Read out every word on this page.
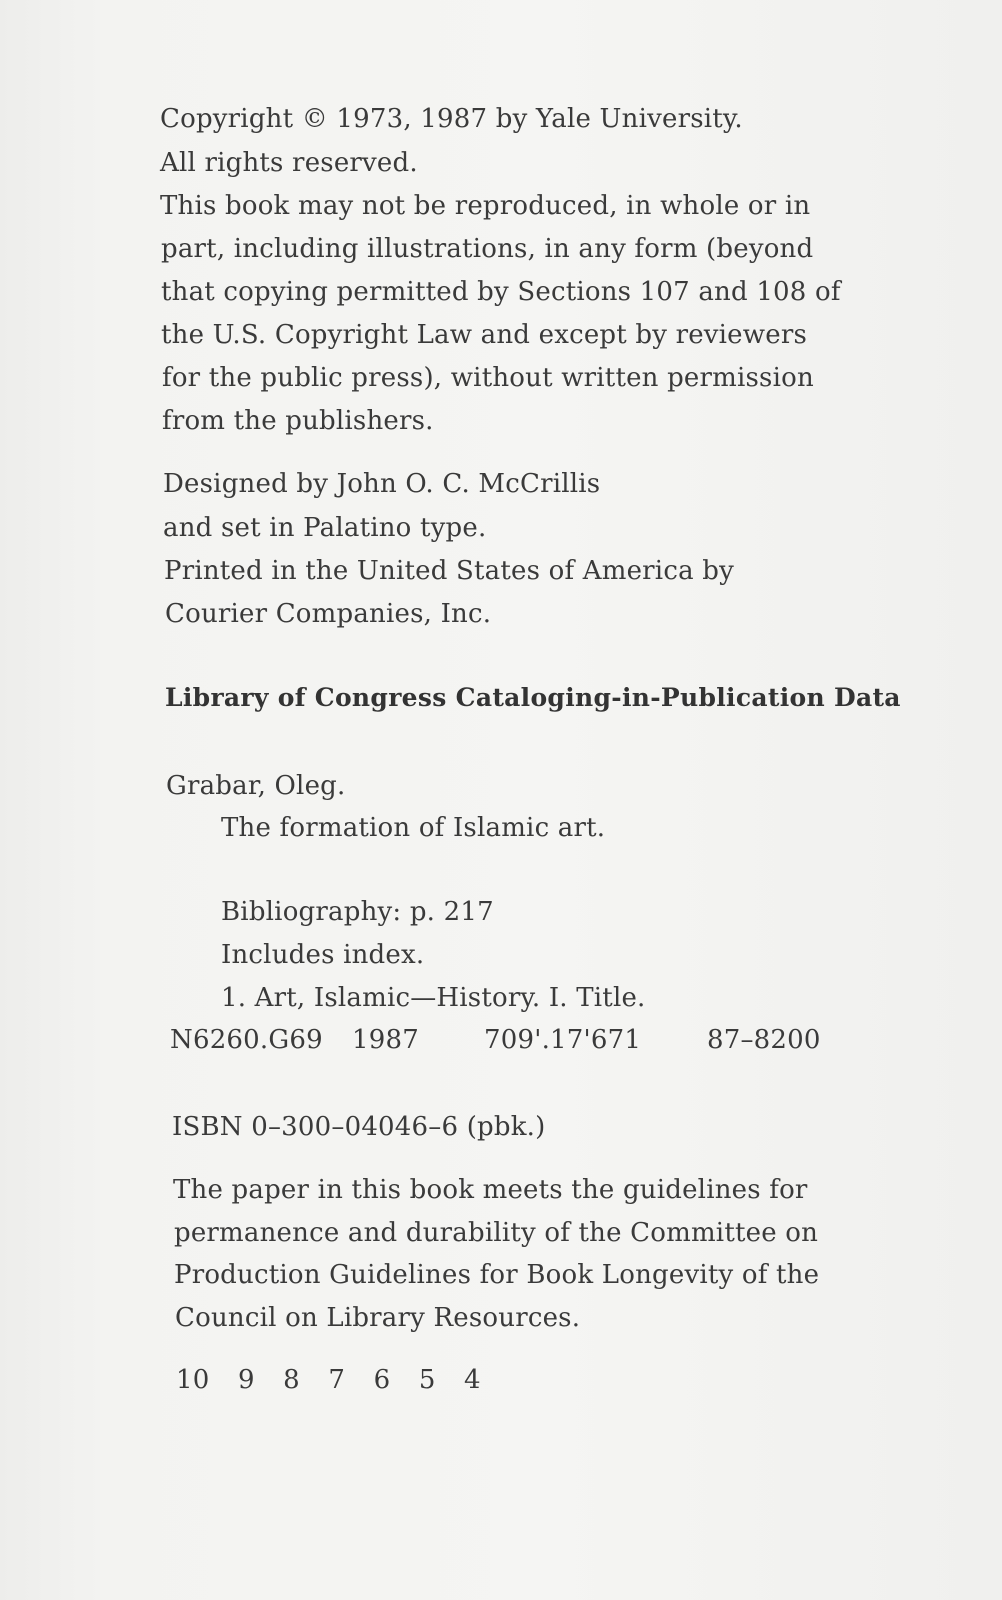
Copyright © 1973, 1987 by Yale University.
All rights reserved.
This book may not be reproduced, in whole or in
part, including illustrations, in any form (beyond
that copying permitted by Sections 107 and 108 of
the U.S. Copyright Law and except by reviewers
for the public press), without written permission
from the publishers.
Designed by John O. C. McCrillis
and set in Palatino type.
Printed in the United States of America by
Courier Companies, Inc.
Library of Congress Cataloging-in-Publication Data
Grabar, Oleg.
The formation of Islamic art.
Bibliography: p. 217
Includes index.
1. Art, Islamic—History. I. Title.
N6260.G69 1987	709'.17'671	87–8200
ISBN 0–300–04046–6 (pbk.)
The paper in this book meets the guidelines for
permanence and durability of the Committee on
Production Guidelines for Book Longevity of the
Council on Library Resources.
10 9 8 7 6 5 4
